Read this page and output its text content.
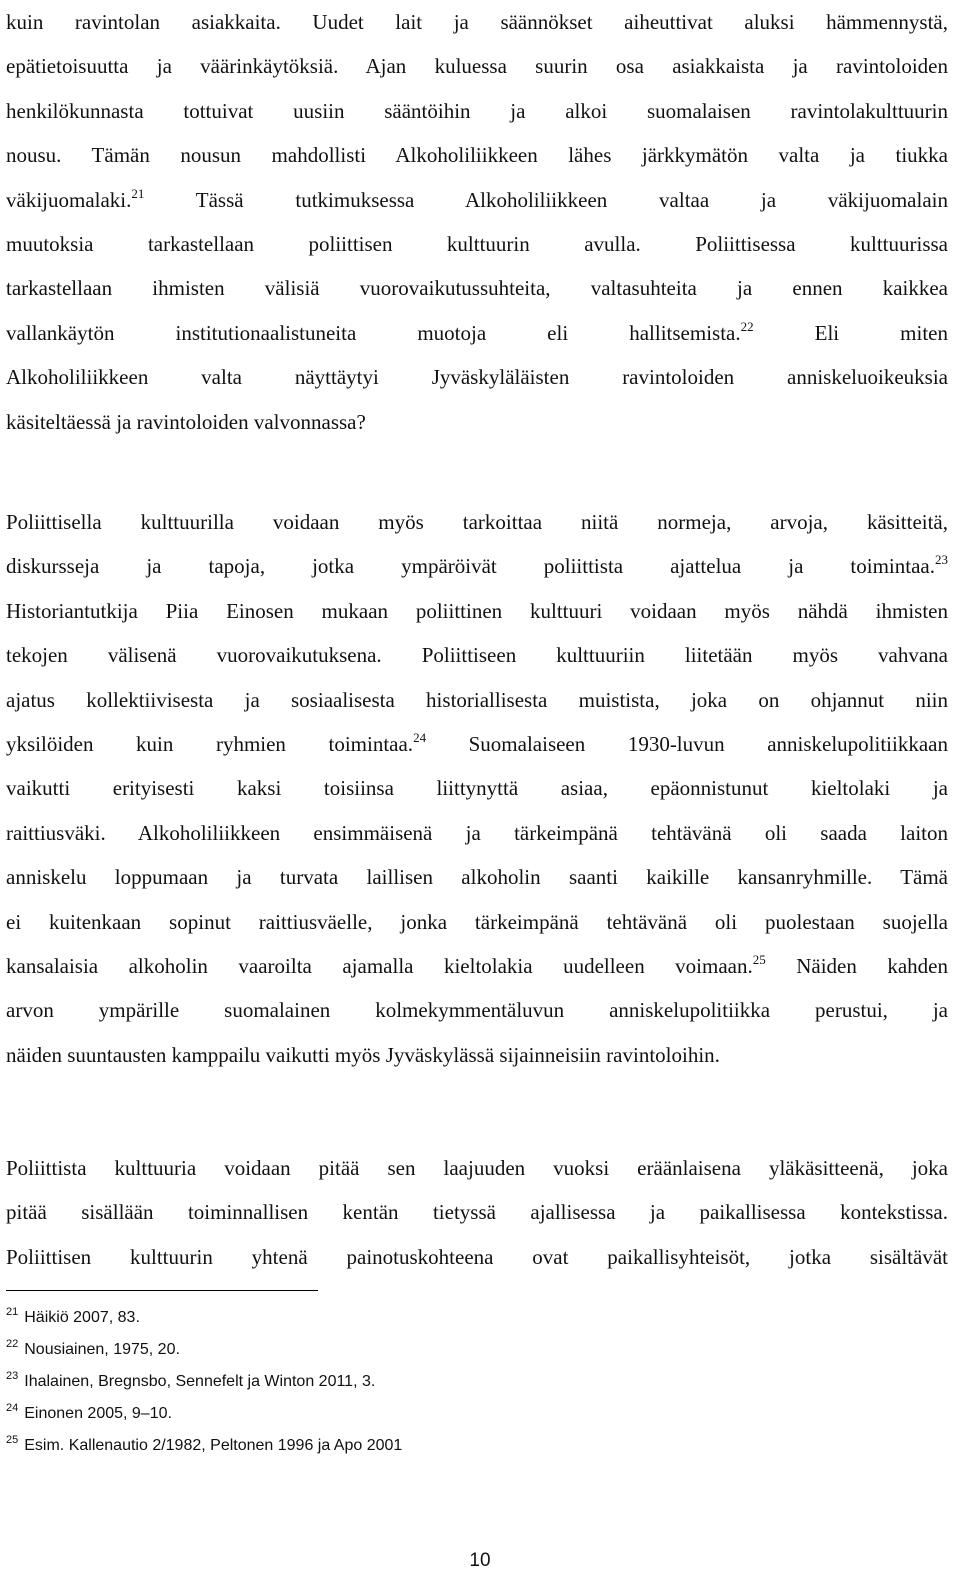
kuin ravintolan asiakkaita. Uudet lait ja säännökset aiheuttivat aluksi hämmennystä,
epätietoisuutta ja väärinkäytöksiä. Ajan kuluessa suurin osa asiakkaista ja ravintoloiden
henkilökunnasta tottuivat uusiin sääntöihin ja alkoi suomalaisen ravintolakulttuurin
nousu. Tämän nousun mahdollisti Alkoholiliikkeen lähes järkkymätön valta ja tiukka
väkijuomalaki.$^{21}$ Tässä tutkimuksessa Alkoholiliikkeen valtaa ja väkijuomalain
muutoksia tarkastellaan poliittisen kulttuurin avulla. Poliittisessa kulttuurissa
tarkastellaan ihmisten välisiä vuorovaikutussuhteita, valtasuhteita ja ennen kaikkea
vallankäytön institutionaalistuneita muotoja eli hallitsemista.$^{22}$ Eli miten
Alkoholiliikkeen valta näyttäytyi Jyväskyläläisten ravintoloiden anniskeluoikeuksia
käsiteltäessä ja ravintoloiden valvonnassa?
Poliittisella kulttuurilla voidaan myös tarkoittaa niitä normeja, arvoja, käsitteitä,
diskursseja ja tapoja, jotka ympäröivät poliittista ajattelua ja toimintaa.$^{23}$
Historiantutkija Piia Einosen mukaan poliittinen kulttuuri voidaan myös nähdä ihmisten
tekojen välisenä vuorovaikutuksena. Poliittiseen kulttuuriin liitetään myös vahvana
ajatus kollektiivisesta ja sosiaalisesta historiallisesta muistista, joka on ohjannut niin
yksilöiden kuin ryhmien toimintaa.$^{24}$ Suomalaiseen 1930-luvun anniskelupolitiikkaan
vaikutti erityisesti kaksi toisiinsa liittynyttä asiaa, epäonnistunut kieltolaki ja
raittiusväki. Alkoholiliikkeen ensimmäisenä ja tärkeimpänä tehtävänä oli saada laiton
anniskelu loppumaan ja turvata laillisen alkoholin saanti kaikille kansanryhmille. Tämä
ei kuitenkaan sopinut raittiusväelle, jonka tärkeimpänä tehtävänä oli puolestaan suojella
kansalaisia alkoholin vaaroilta ajamalla kieltolakia uudelleen voimaan.$^{25}$ Näiden kahden
arvon ympärille suomalainen kolmekymmentäluvun anniskelupolitiikka perustui, ja
näiden suuntausten kamppailu vaikutti myös Jyväskylässä sijainneisiin ravintoloihin.
Poliittista kulttuuria voidaan pitää sen laajuuden vuoksi eräänlaisena yläkäsitteenä, joka
pitää sisällään toiminnallisen kentän tietyssä ajallisessa ja paikallisessa kontekstissa.
Poliittisen kulttuurin yhtenä painotuskohteena ovat paikallisyhteisöt, jotka sisältävät
$^{21}$ Häikiö 2007, 83.
$^{22}$ Nousiainen, 1975, 20.
$^{23}$ Ihalainen, Bregnsbo, Sennefelt ja Winton 2011, 3.
$^{24}$ Einonen 2005, 9–10.
$^{25}$ Esim. Kallenautio 2/1982, Peltonen 1996 ja Apo 2001
10
